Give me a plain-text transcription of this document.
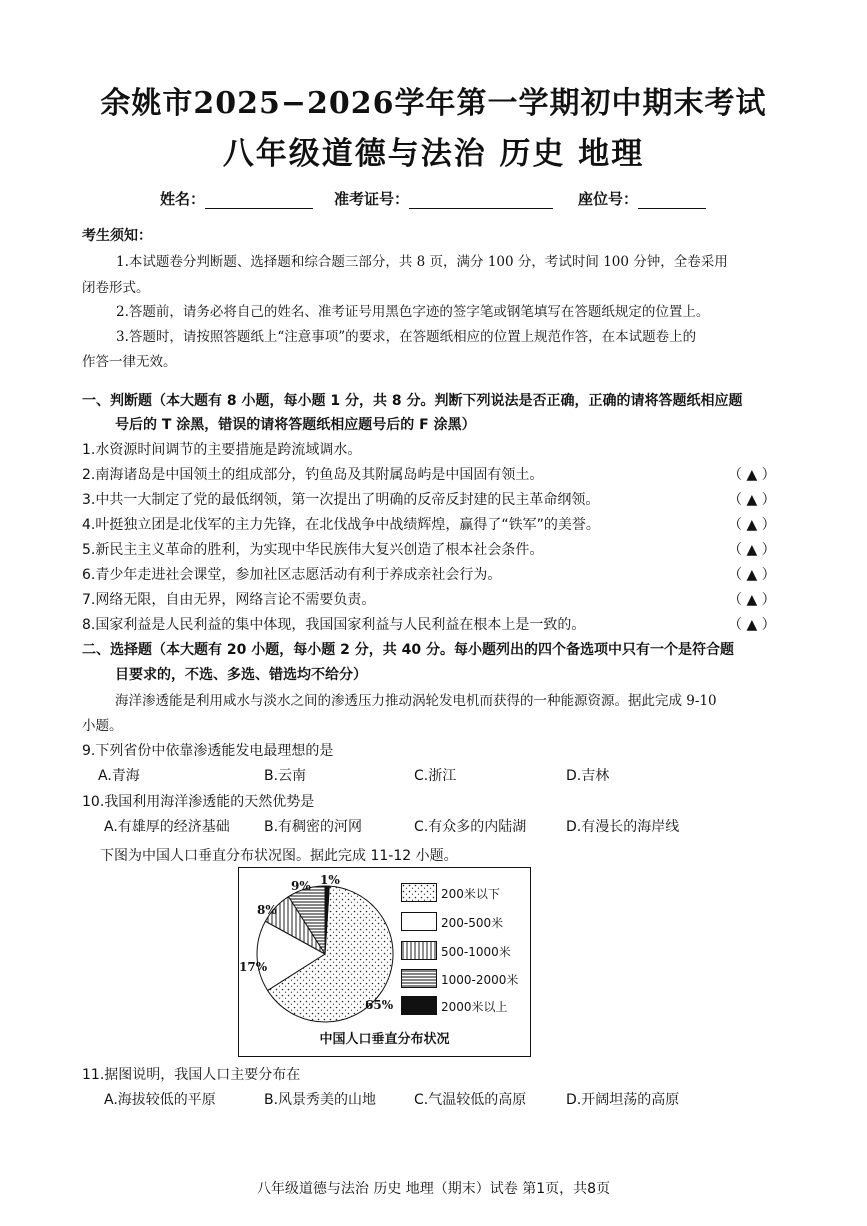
余姚市2025−2026学年第一学期初中期末考试
八年级道德与法治 历史 地理
姓名：	准考证号：	座位号：
考生须知：
1.本试题卷分判断题、选择题和综合题三部分，共 8 页，满分 100 分，考试时间 100 分钟，全卷采用
闭卷形式。
2.答题前，请务必将自己的姓名、准考证号用黑色字迹的签字笔或钢笔填写在答题纸规定的位置上。
3.答题时，请按照答题纸上“注意事项”的要求，在答题纸相应的位置上规范作答，在本试题卷上的
作答一律无效。
一、判断题（本大题有 8 小题，每小题 1 分，共 8 分。判断下列说法是否正确，正确的请将答题纸相应题
号后的 T 涂黑，错误的请将答题纸相应题号后的 F 涂黑）
1.水资源时间调节的主要措施是跨流域调水。
2.南海诸岛是中国领土的组成部分，钓鱼岛及其附属岛屿是中国固有领土。	（ ▲ ）
3.中共一大制定了党的最低纲领，第一次提出了明确的反帝反封建的民主革命纲领。	（ ▲ ）
4.叶挺独立团是北伐军的主力先锋，在北伐战争中战绩辉煌，赢得了“铁军”的美誉。	（ ▲ ）
5.新民主主义革命的胜利，为实现中华民族伟大复兴创造了根本社会条件。	（ ▲ ）
6.青少年走进社会课堂，参加社区志愿活动有利于养成亲社会行为。	（ ▲ ）
7.网络无限，自由无界，网络言论不需要负责。	（ ▲ ）
8.国家利益是人民利益的集中体现，我国国家利益与人民利益在根本上是一致的。	（ ▲ ）
二、选择题（本大题有 20 小题，每小题 2 分，共 40 分。每小题列出的四个备选项中只有一个是符合题
目要求的，不选、多选、错选均不给分）
海洋渗透能是利用咸水与淡水之间的渗透压力推动涡轮发电机而获得的一种能源资源。据此完成 9-10
小题。
9.下列省份中依靠渗透能发电最理想的是
A.青海	B.云南	C.浙江	D.吉林
10.我国利用海洋渗透能的天然优势是
A.有雄厚的经济基础 B.有稠密的河网	C.有众多的内陆湖	D.有漫长的海岸线
下图为中国人口垂直分布状况图。据此完成 11-12 小题。
9% 1%
8%
17%
65%
200米以下
200-500米
500-1000米
1000-2000米
2000米以上
中国人口垂直分布状况
11.据图说明，我国人口主要分布在
A.海拔较低的平原	B.风景秀美的山地	C.气温较低的高原	D.开阔坦荡的高原
八年级道德与法治 历史 地理（期末）试卷 第1页，共8页
